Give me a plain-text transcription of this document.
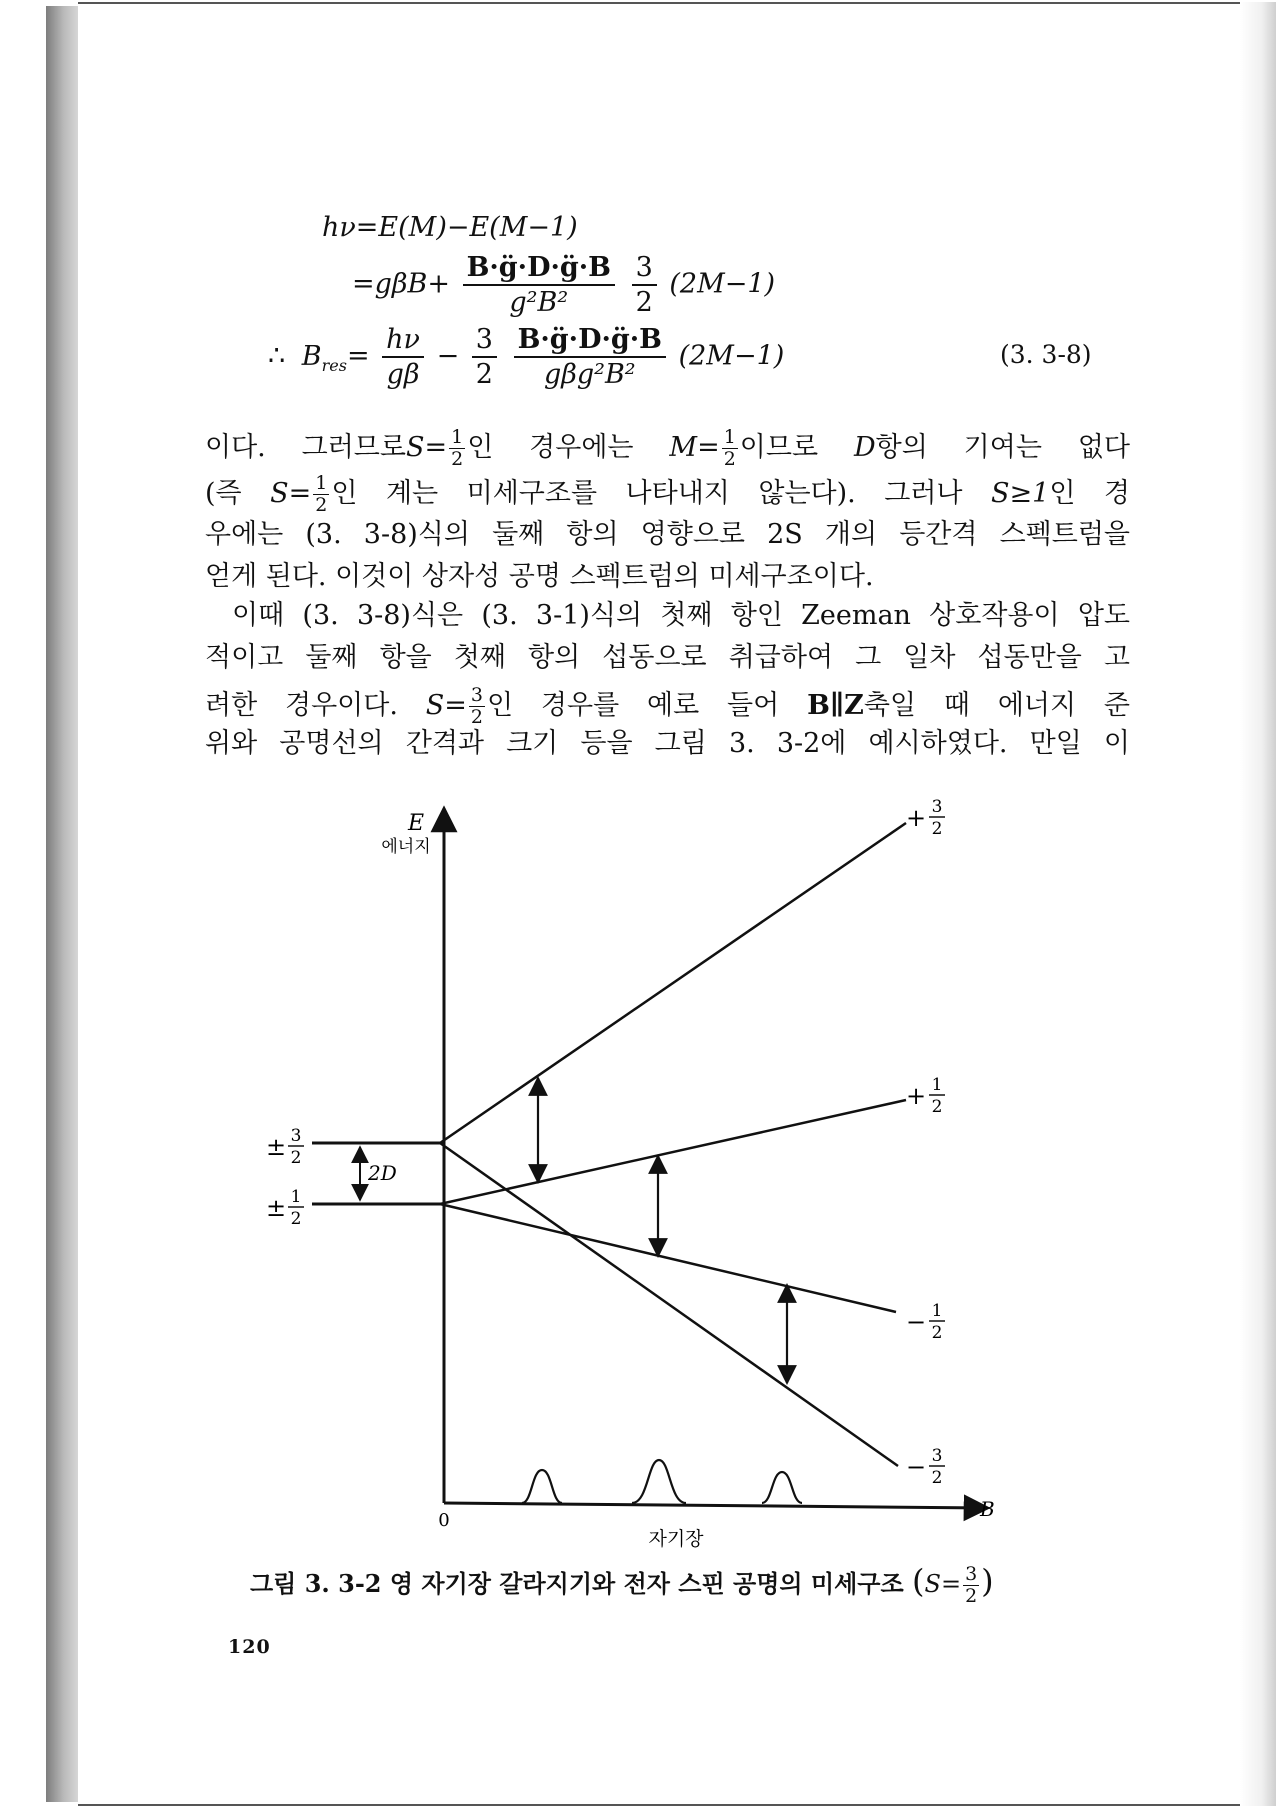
hν=E(M)−E(M−1)
$=g\beta B+ \frac{B\cdot g̈\cdot D\cdot g̈\cdot B}{\text{g²B²}}$
$\frac{3}{2} (2M-1)$
∴ $B_{res}= \frac{h\nu}{g\beta} - \frac{3}{2}$
$\frac{B\cdot g̈\cdot D\cdot g̈\cdot B}{\text{gβg²B²}} (2M-1)$	(3. 3-8)
이다. 그러므로$S= \frac{1}{2}$ 인 경우에는 $M= \frac{1}{2}$ 이므로 D항의 기여는 없다
(즉 $S= \frac{1}{2}$ 인 계는 미세구조를 나타내지 않는다). 그러나 S≥1인 경
우에는 (3. 3-8)식의 둘째 항의 영향으로 2S 개의 등간격 스펙트럼을
얻게 된다. 이것이 상자성 공명 스펙트럼의 미세구조이다.
이때 (3. 3-8)식은 (3. 3-1)식의 첫째 항인 Zeeman 상호작용이 압도
적이고 둘째 항을 첫째 항의 섭동으로 취급하여 그 일차 섭동만을 고
려한 경우이다. $S= \frac{3}{2}$ 인 경우를 예로 들어 B∥Z축일 때 에너지 준
위와 공명선의 간격과 크기 등을 그림 3. 3-2에 예시하였다. 만일 이
E
에너지
0	B
자기장
2D
± 3
2
± 1
2
+ 3
2
+ 1
2
− 1
2
− 3
2
그림 3. 3-2 영 자기장 갈라지기와 전자 스핀 공명의 미세구조 ($S= \frac{3}{2}$ )
120
